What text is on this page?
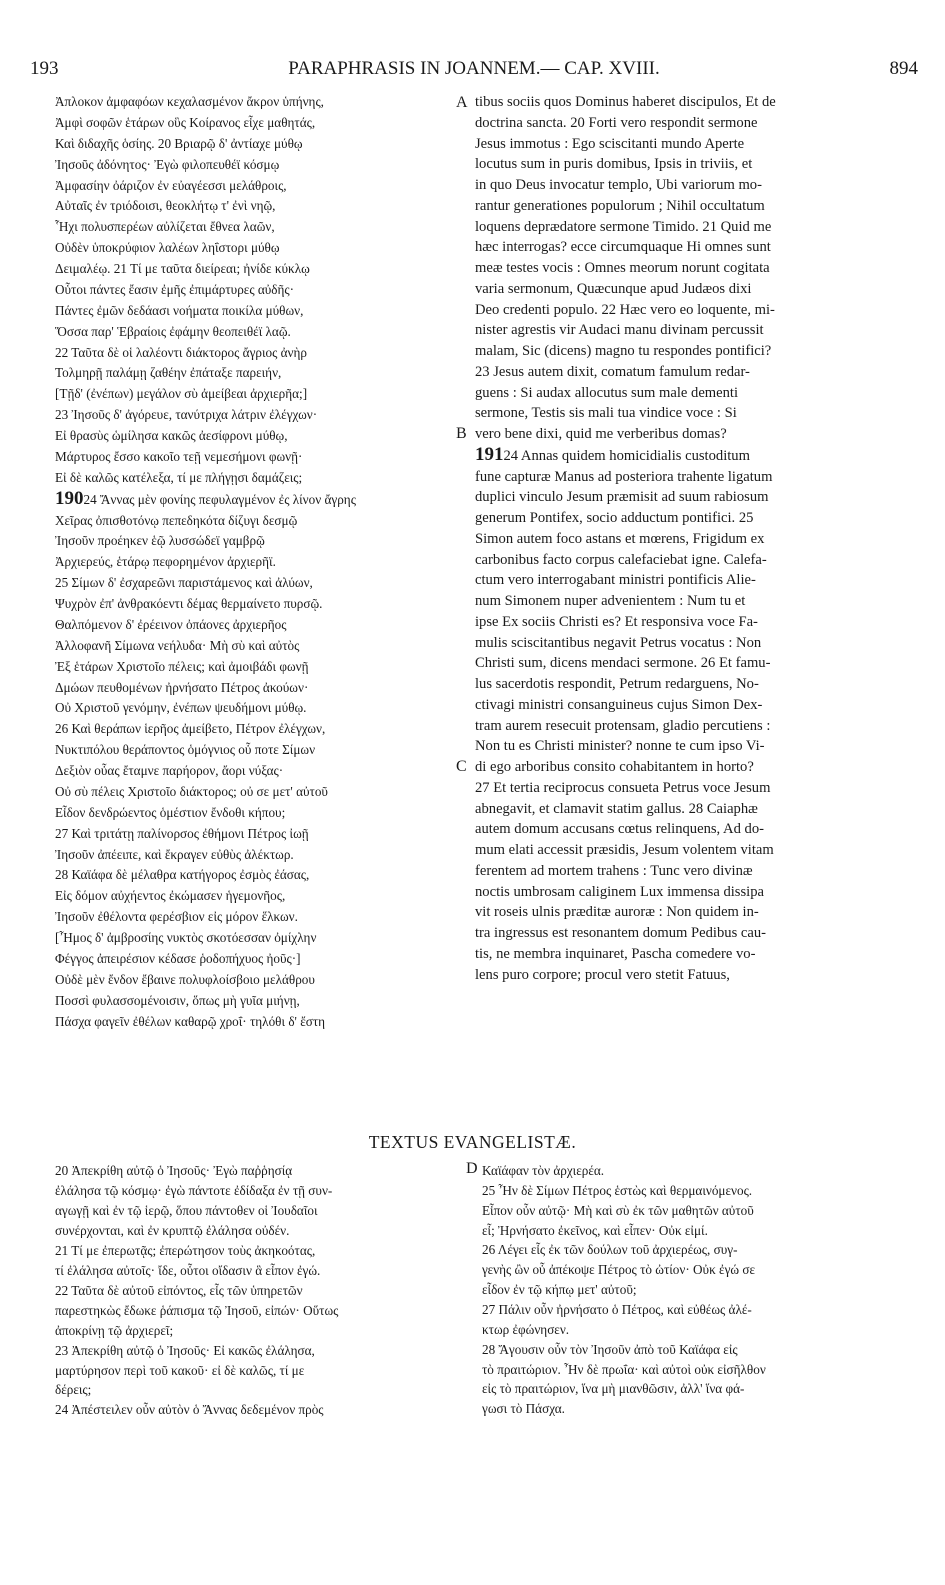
PARAPHRASIS IN JOANNEM.— CAP. XVIII.
193	894
Ἀπλοκον ἀμφαφόων κεχαλασμένον ἄκρον ὑπήνης,
Ἀμφὶ σοφῶν ἑτάρων οὓς Κοίρανος εἶχε μαθητάς,
Καὶ διδαχῆς ὁσίης. 20 Βριαρῷ δ' ἀντίαχε μύθῳ
Ἰησοῦς ἀδόνητος· Ἐγὼ φιλοπευθέϊ κόσμῳ
Ἀμφασίην ὀάριζον ἐν εὐαγέεσσι μελάθροις,
Αὐταῖς ἐν τριόδοισι, θεοκλήτῳ τ' ἐνὶ νηῷ,
Ἧχι πολυσπερέων αὐλίζεται ἔθνεα λαῶν,
Οὐδὲν ὑποκρύφιον λαλέων ληΐστορι μύθῳ
Δειμαλέῳ. 21 Τί με ταῦτα διείρεαι; ἠνίδε κύκλῳ
Οὗτοι πάντες ἔασιν ἐμῆς ἐπιμάρτυρες αὐδῆς·
Πάντες ἐμῶν δεδάασι νοήματα ποικίλα μύθων,
Ὅσσα παρ' Ἑβραίοις ἐφάμην θεοπειθέϊ λαῷ.
22 Ταῦτα δὲ οἱ λαλέοντι διάκτορος ἄγριος ἀνὴρ
Τολμηρῇ παλάμῃ ζαθέην ἐπάταξε παρειήν,
[Τῇδ' (ἐνέπων) μεγάλον σὺ ἀμείβεαι ἀρχιερῆα;]
23 Ἰησοῦς δ' ἀγόρευε, τανύτριχα λάτριν ἐλέγχων·
Εἰ θρασὺς ὡμίλησα κακῶς ἀεσίφρονι μύθῳ,
Μάρτυρος ἔσσο κακοῖο τεῇ νεμεσήμονι φωνῇ·
Εἰ δὲ καλῶς κατέλεξα, τί με πλήγῃσι δαμάζεις;
19024 Ἄννας μὲν φονίης πεφυλαγμένον ἐς λίνον ἄγρης
Χεῖρας ὀπισθοτόνῳ πεπεδηκότα δίζυγι δεσμῷ
Ἰησοῦν προέηκεν ἑῷ λυσσώδεϊ γαμβρῷ
Ἀρχιερεύς, ἑτάρῳ πεφορημένον ἀρχιερῆϊ.
25 Σίμων δ' ἐσχαρεῶνι παριστάμενος καὶ ἀλύων,
Ψυχρὸν ἐπ' ἀνθρακόεντι δέμας θερμαίνετο πυρσῷ.
Θαλπόμενον δ' ἐρέεινον ὀπάονες ἀρχιερῆος
Ἀλλοφανῆ Σίμωνα νεήλυδα· Μὴ σὺ καὶ αὐτὸς
Ἐξ ἑτάρων Χριστοῖο πέλεις; καὶ ἀμοιβάδι φωνῇ
Δμώων πευθομένων ἠρνήσατο Πέτρος ἀκούων·
Οὐ Χριστοῦ γενόμην, ἐνέπων ψευδήμονι μύθῳ.
26 Καὶ θεράπων ἱερῆος ἀμείβετο, Πέτρον ἐλέγχων,
Νυκτιπόλου θεράποντος ὁμόγνιος οὗ ποτε Σίμων
Δεξιὸν οὖας ἔταμνε παρήορον, ἄορι νύξας·
Οὐ σὺ πέλεις Χριστοῖο διάκτορος; οὐ σε μετ' αὐτοῦ
Εἶδον δενδρώεντος ὁμέστιον ἔνδοθι κήπου;
27 Καὶ τριτάτῃ παλίνορσος ἐθήμονι Πέτρος ἰωῇ
Ἰησοῦν ἀπέειπε, καὶ ἔκραγεν εὐθὺς ἀλέκτωρ.
28 Καϊάφα δὲ μέλαθρα κατήγορος ἐσμὸς ἐάσας,
Εἰς δόμον αὐχήεντος ἐκώμασεν ἡγεμονῆος,
Ἰησοῦν ἐθέλοντα φερέσβιον εἰς μόρον ἕλκων.
[Ἦμος δ' ἀμβροσίης νυκτὸς σκοτόεσσαν ὀμίχλην
Φέγγος ἀπειρέσιον κέδασε ῥοδοπήχυος ἠοῦς·]
Οὐδὲ μὲν ἔνδον ἔβαινε πολυφλοίσβοιο μελάθρου
Ποσσὶ φυλασσομένοισιν, ὅπως μὴ γυῖα μιήνῃ,
Πάσχα φαγεῖν ἐθέλων καθαρῷ χροΐ· τηλόθι δ' ἔστη
tibus sociis quos Dominus haberet discipulos, Et de
doctrina sancta. 20 Forti vero respondit sermone
Jesus immotus : Ego sciscitanti mundo Aperte
locutus sum in puris domibus, Ipsis in triviis, et
in quo Deus invocatur templo, Ubi variorum mo-
rantur generationes populorum ; Nihil occultatum
loquens deprædatore sermone Timido. 21 Quid me
hæc interrogas? ecce circumquaque Hi omnes sunt
meæ testes vocis : Omnes meorum norunt cogitata
varia sermonum, Quæcunque apud Judæos dixi
Deo credenti populo. 22 Hæc vero eo loquente, mi-
nister agrestis vir Audaci manu divinam percussit
malam, Sic (dicens) magno tu respondes pontifici?
23 Jesus autem dixit, comatum famulum redar-
guens : Si audax allocutus sum male dementi
sermone, Testis sis mali tua vindice voce : Si
vero bene dixi, quid me verberibus domas?
19124 Annas quidem homicidialis custoditum
fune capturæ Manus ad posteriora trahente ligatum
duplici vinculo Jesum præmisit ad suum rabiosum
generum Pontifex, socio adductum pontifici. 25
Simon autem foco astans et mœrens, Frigidum ex
carbonibus facto corpus calefaciebat igne. Calefa-
ctum vero interrogabant ministri pontificis Alie-
num Simonem nuper advenientem : Num tu et
ipse Ex sociis Christi es? Et responsiva voce Fa-
mulis sciscitantibus negavit Petrus vocatus : Non
Christi sum, dicens mendaci sermone. 26 Et famu-
lus sacerdotis respondit, Petrum redarguens, No-
ctivagi ministri consanguineus cujus Simon Dex-
tram aurem resecuit protensam, gladio percutiens :
Non tu es Christi minister? nonne te cum ipso Vi-
di ego arboribus consito cohabitantem in horto?
27 Et tertia reciprocus consueta Petrus voce Jesum
abnegavit, et clamavit statim gallus. 28 Caiaphæ
autem domum accusans cœtus relinquens, Ad do-
mum elati accessit præsidis, Jesum volentem vitam
ferentem ad mortem trahens : Tunc vero divinæ
noctis umbrosam caliginem Lux immensa dissipa
vit roseis ulnis præditæ auroræ : Non quidem in-
tra ingressus est resonantem domum Pedibus cau-
tis, ne membra inquinaret, Pascha comedere vo-
lens puro corpore; procul vero stetit Fatuus,
A
B
C
D
TEXTUS EVANGELISTÆ.
20 Ἀπεκρίθη αὐτῷ ὁ Ἰησοῦς· Ἐγὼ παῤῥησίᾳ
ἐλάλησα τῷ κόσμῳ· ἐγὼ πάντοτε ἐδίδαξα ἐν τῇ συν-
αγωγῇ καὶ ἐν τῷ ἱερῷ, ὅπου πάντοθεν οἱ Ἰουδαῖοι
συνέρχονται, καὶ ἐν κρυπτῷ ἐλάλησα οὐδέν.
21 Τί με ἐπερωτᾷς; ἐπερώτησον τοὺς ἀκηκοότας,
τί ἐλάλησα αὐτοῖς· ἴδε, οὗτοι οἴδασιν ἃ εἶπον ἐγώ.
22 Ταῦτα δὲ αὐτοῦ εἰπόντος, εἷς τῶν ὑπηρετῶν
παρεστηκὼς ἔδωκε ῥάπισμα τῷ Ἰησοῦ, εἰπών· Οὕτως
ἀποκρίνῃ τῷ ἀρχιερεῖ;
23 Ἀπεκρίθη αὐτῷ ὁ Ἰησοῦς· Εἰ κακῶς ἐλάλησα,
μαρτύρησον περὶ τοῦ κακοῦ· εἰ δὲ καλῶς, τί με
δέρεις;
24 Ἀπέστειλεν οὖν αὐτὸν ὁ Ἄννας δεδεμένον πρὸς
Καϊάφαν τὸν ἀρχιερέα.
25 Ἦν δὲ Σίμων Πέτρος ἑστὼς καὶ θερμαινόμενος.
Εἶπον οὖν αὐτῷ· Μὴ καὶ σὺ ἐκ τῶν μαθητῶν αὐτοῦ
εἶ; Ἠρνήσατο ἐκεῖνος, καὶ εἶπεν· Οὐκ εἰμί.
26 Λέγει εἷς ἐκ τῶν δούλων τοῦ ἀρχιερέως, συγ-
γενὴς ὢν οὗ ἀπέκοψε Πέτρος τὸ ὠτίον· Οὐκ ἐγώ σε
εἶδον ἐν τῷ κήπῳ μετ' αὐτοῦ;
27 Πάλιν οὖν ἠρνήσατο ὁ Πέτρος, καὶ εὐθέως ἀλέ-
κτωρ ἐφώνησεν.
28 Ἄγουσιν οὖν τὸν Ἰησοῦν ἀπὸ τοῦ Καϊάφα εἰς
τὸ πραιτώριον. Ἦν δὲ πρωΐα· καὶ αὐτοὶ οὐκ εἰσῆλθον
εἰς τὸ πραιτώριον, ἵνα μὴ μιανθῶσιν, ἀλλ' ἵνα φά-
γωσι τὸ Πάσχα.
